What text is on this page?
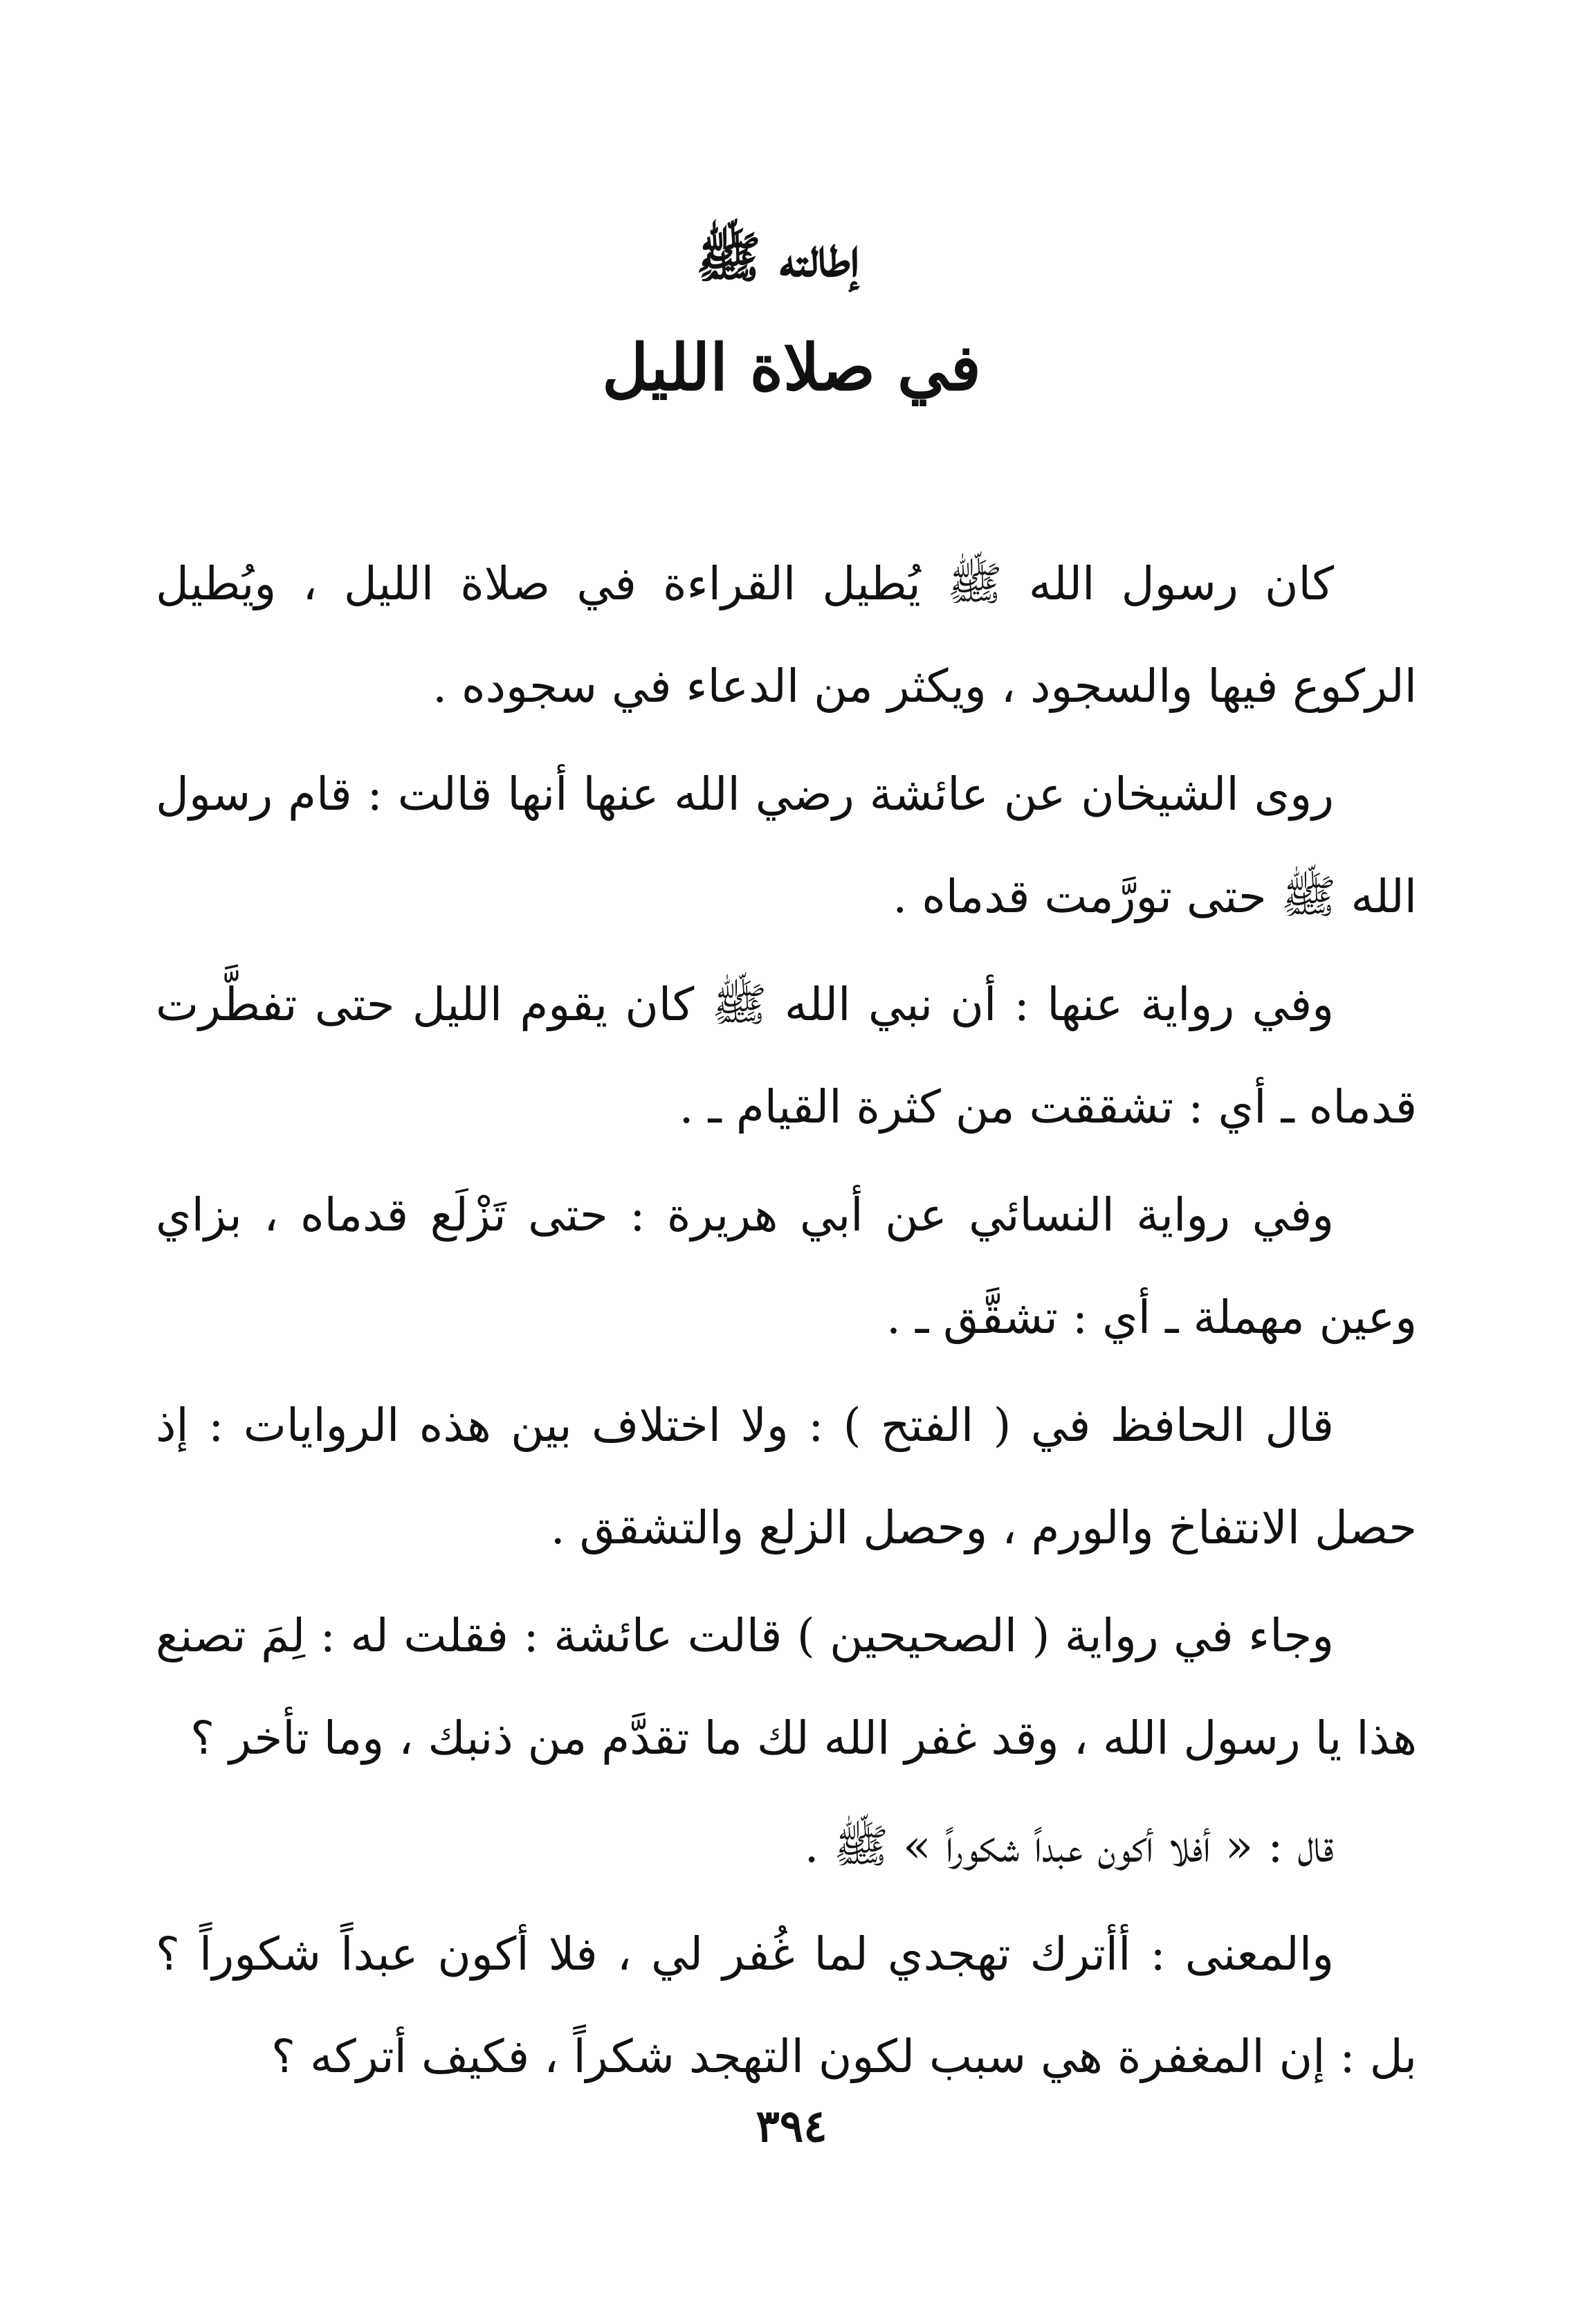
إطالته ﷺ
في صلاة الليل

كان رسول الله ﷺ يُطيل القراءة في صلاة الليل ، ويُطيل الركوع فيها والسجود ، ويكثر من الدعاء في سجوده .

روى الشيخان عن عائشة رضي الله عنها أنها قالت : قام رسول الله ﷺ حتى تورَّمت قدماه .

وفي رواية عنها : أن نبي الله ﷺ كان يقوم الليل حتى تفطَّرت قدماه ـ أي : تشققت من كثرة القيام ـ .

وفي رواية النسائي عن أبي هريرة : حتى تَزْلَع قدماه ، بزاي وعين مهملة ـ أي : تشقَّق ـ .

قال الحافظ في ( الفتح ) : ولا اختلاف بين هذه الروايات : إذ حصل الانتفاخ والورم ، وحصل الزلع والتشقق .

وجاء في رواية ( الصحيحين ) قالت عائشة : فقلت له : لِمَ تصنع هذا يا رسول الله ، وقد غفر الله لك ما تقدَّم من ذنبك ، وما تأخر ؟

قال : « أفلا أكون عبداً شكوراً » ﷺ .

والمعنى : أأترك تهجدي لما غُفر لي ، فلا أكون عبداً شكوراً ؟ بل : إن المغفرة هي سبب لكون التهجد شكراً ، فكيف أتركه ؟

٣٩٤
